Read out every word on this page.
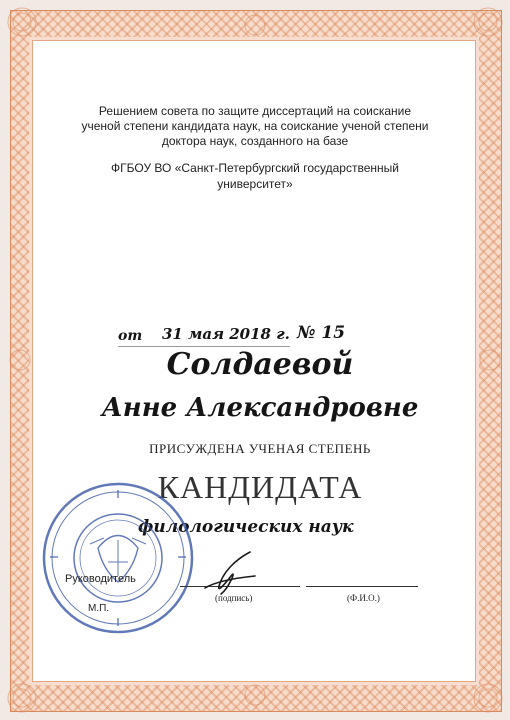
Решением совета по защите диссертаций на соискание
ученой степени кандидата наук, на соискание ученой степени
доктора наук, созданного на базе
ФГБОУ ВО «Санкт-Петербургский государственный
университет»
от 31 мая 2018 г. № 15
Солдаевой
Анне Александровне
ПРИСУЖДЕНА УЧЕНАЯ СТЕПЕНЬ
КАНДИДАТА
филологических наук
Руководитель
М.П.
(подпись)	(Ф.И.О.)
